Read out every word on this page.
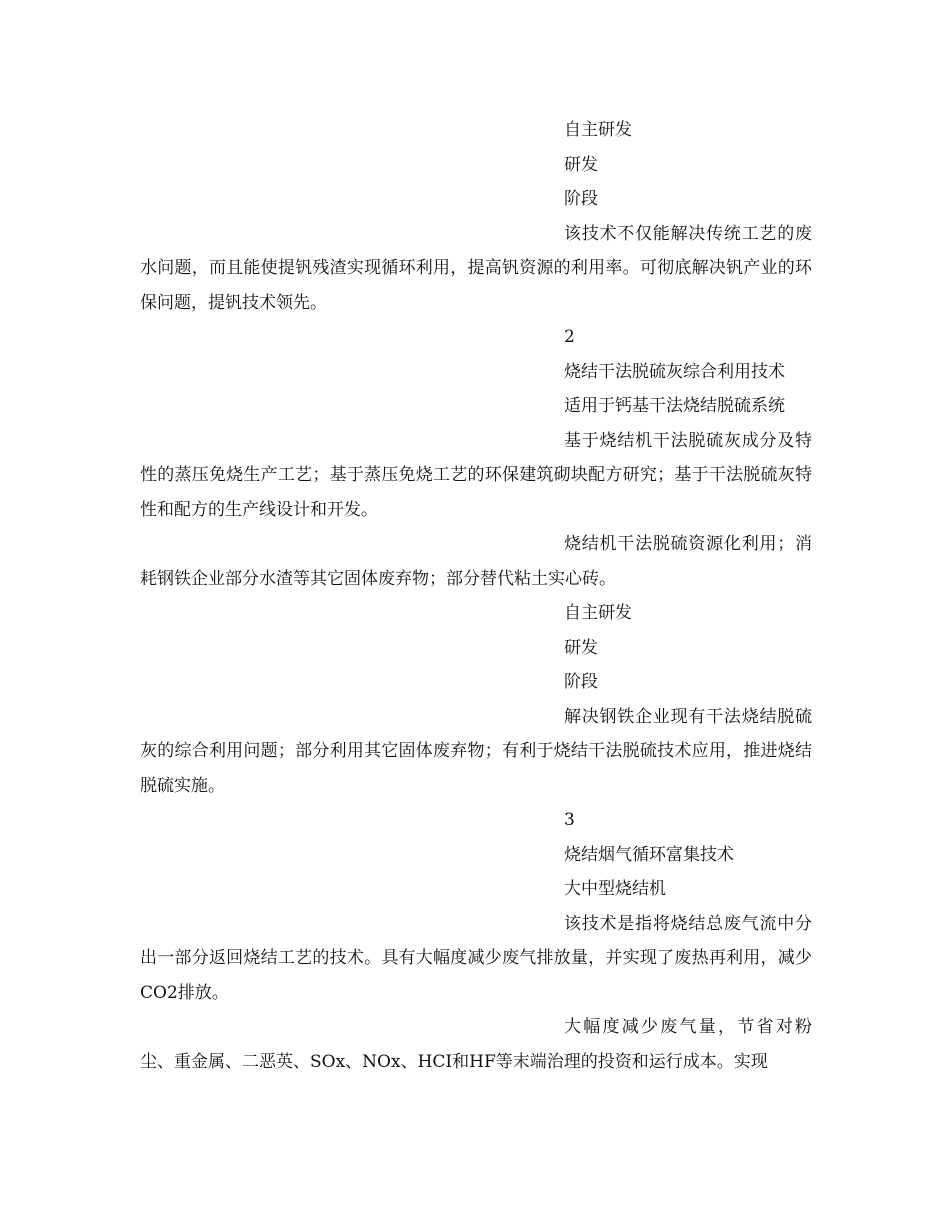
自主研发

研发

阶段

该技术不仅能解决传统工艺的废水问题，而且能使提钒残渣实现循环利用，提高钒资源的利用率。可彻底解决钒产业的环保问题，提钒技术领先。

2

烧结干法脱硫灰综合利用技术

适用于钙基干法烧结脱硫系统

基于烧结机干法脱硫灰成分及特性的蒸压免烧生产工艺；基于蒸压免烧工艺的环保建筑砌块配方研究；基于干法脱硫灰特性和配方的生产线设计和开发。

烧结机干法脱硫资源化利用；消耗钢铁企业部分水渣等其它固体废弃物；部分替代粘土实心砖。

自主研发

研发

阶段

解决钢铁企业现有干法烧结脱硫灰的综合利用问题；部分利用其它固体废弃物；有利于烧结干法脱硫技术应用，推进烧结脱硫实施。

3

烧结烟气循环富集技术

大中型烧结机

该技术是指将烧结总废气流中分出一部分返回烧结工艺的技术。具有大幅度减少废气排放量，并实现了废热再利用，减少CO2排放。

大幅度减少废气量，节省对粉尘、重金属、二恶英、SOx、NOx、HCI和HF等末端治理的投资和运行成本。实现
